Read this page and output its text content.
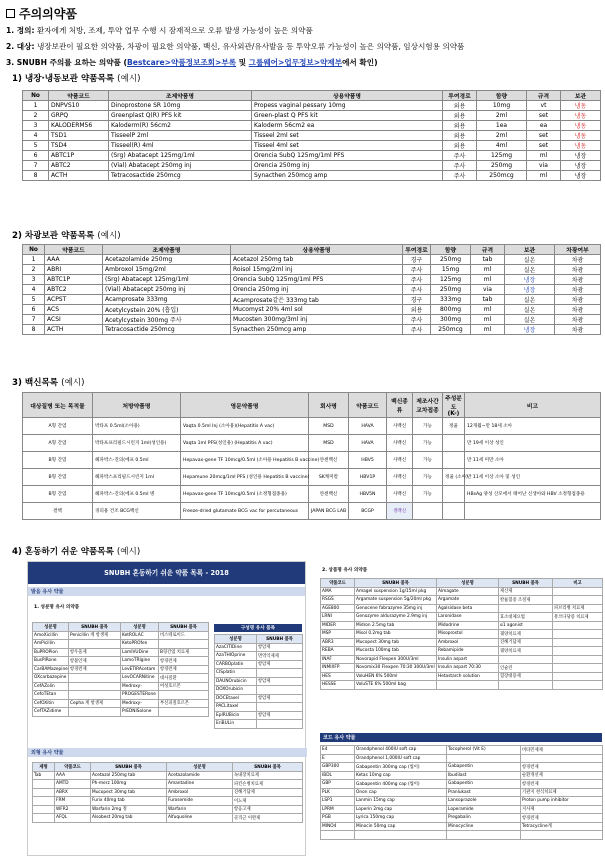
주의의약품
1. 정의: 환자에게 처방, 조제, 투약 업무 수행 시 잠재적으로 오류 발생 가능성이 높은 의약품
2. 대상: 냉장보관이 필요한 의약품, 차광이 필요한 의약품, 백신, 유사외관/유사발음 등 투약오류 가능성이 높은 의약품, 임상시험용 의약품
3. SNUBH 주의를 요하는 의약품 (Bestcare>약품정보조회>부록 및 그룹웨어>업무정보>약제부에서 확인)
1) 냉장·냉동보관 약품목록 (예시)
No	약품코드	조제약품명	상용약품명	투여경로	함량	규격	보관
1	DNPVS10	Dinoprostone SR 10mg	Propess vaginal pessary 10mg	외용	10mg	vt	냉동
2	GRPQ	Greenplast Q(R) PFS kit	Green-plast Q PFS kit	외용	2ml	set	냉동
3	KALODERM56	Kaloderm(R) 56cm2	Kaloderm 56cm2 ea	외용	1ea	ea	냉동
4	TSD1	TisseelP 2ml	Tisseel 2ml set	외용	2ml	set	냉동
5	TSD4	Tisseel(R) 4ml	Tisseel 4ml set	외용	4ml	set	냉동
6	ABTC1P	(Srg) Abatacept 125mg/1ml	Orencia SubQ 125mg/1ml PFS	주사	125mg	ml	냉장
7	ABTC2	(Vial) Abatacept 250mg inj	Orencia 250mg inj	주사	250mg	via	냉장
8	ACTH	Tetracosactide 250mcg	Synacthen 250mcg amp	주사	250mcg	ml	냉장
2) 차광보관 약품목록 (예시)
No	약품코드	조제약품명	상용약품명	투여경로	함량	규격	보관	차광여부
1	AAA	Acetazolamide 250mg	Acetazol 250mg tab	경구	250mg	tab	실온	차광
2	ABRI	Ambroxol 15mg/2ml	Roisol 15mg/2ml inj	주사	15mg	ml	실온	차광
3	ABTC1P	(Srg) Abatacept 125mg/1ml	Orencia SubQ 125mg/1ml PFS	주사	125mg	ml	냉장	차광
4	ABTC2	(Vial) Abatacept 250mg inj	Orencia 250mg inj	주사	250mg	via	냉장	차광
5	ACPST	Acamprosate 333mg	Acamprosate같은 333mg tab	경구	333mg	tab	실온	차광
6	ACS	Acetylcystein 20% (흡입)	Mucomyst 20% 4ml sol	외용	800mg	ml	실온	차광
7	ACSI	Acetylcystein 300mg 주사	Mucosten 300mg/3ml inj	주사	300mg	ml	실온	차광
8	ACTH	Tetracosactide 250mcg	Synacthen 250mcg amp	주사	250mcg	ml	냉장	차광
3) 백신목록 (예시)
대상질병 또는 목적물	처방약품명	영문약품명	회사명	약품코드	백신종류	제조사간 교차접종	주성분도 (K-)	비고
A형 간염	박타프 0.5ml(소아용)	Vaqta 0.5ml Inj (소아용)(Hepatitis A vac)	MSD	HAVA	사백신	가능	정율	12개월~만 18세 소아
A형 간염	박타프프리필드시린지 1ml(성인용)	Vaqta 1ml PFS(성인용) (Hepatitis A vac)	MSD	HAVA	사백신	가능		만 19세 이상 성인
B형 간염	헤파박스-진의(에프 0.5ml	Hepavax-gene TF 10mcg/0.5ml (소아용 Hepatitis B vaccine)	얀센백신	HBV5	사백신	가능		만 11세 미만 소아
B형 간염	헤파박스프리필드시린지 1ml	Hepamune 20mcg/1ml PFS (성인용 Hepatitis B vaccine)	SK케미칼	HBV1P	사백신	가능	정율 (소아)	만 11세 이상 소아 및 성인
B형 간염	헤파박스-진의(에프 0.5ml 병	Hepavax-gene TF 10mcg/0.5ml (소정형접종용)	얀센백신	HBV5N	사백신	가능		HBsAg 양성 산모에서 태어난 신생아와 HBV 소정형접종용
결핵	경피용 건조 BCG백신	Freeze-dried glutamate BCG vac for percutaneous	JAPAN BCG LAB	BCGP	생백신			
4) 혼동하기 쉬운 약품목록 (예시)
SNUBH 혼동하기 쉬운 약품 목록 - 2018
발음 유사 약물
1. 성분명 유사 의약품
성분명	SNUBH 품목	성분명	SNUBH 품목
AmoXicillin	Penicillin 계 항생제	KetROLAC	비스테로이드
AmPicillin		KetoPROfen	
BuPROPion	항우울제	LamIVUDine	B형간염 치료제
BusPIRone	항불안제	LamoTRIgine	항경련제
CarBAMazepine	항경련제	LevETIRAcetam	항경련제
OXcarbazepine		LevOCARNitine	대사질환
CefAZolin		Medroxy-	여성호르몬
CefoTEtan		PROGESTERone	
CefOXitin	Cepha 계 항생제	Medroxy-	부신피질호르몬
CefTAZidime		PrEDNISolone	
구성명 유사 품목
성분명	SNUBH 품목
AzaCITIDine	항암제
AzaTHIOprine	면역억제제
CARBOplatin	항암제
CISplatin	
DAUNOrubicin	항암제
DOXOrubicin	
DOCEtaxel	항암제
PACLitaxel	
EpIRUBicin	항암제
EriBULin	
외형 유사 약물
제형	약품코드	SNUBH 품목	성분명	SNUBH 품목
Tab	AAA	Acetazol 250mg tab	Acetazolamide	녹내장치료제
	AMTD	Ph-merz 100mg	Amantadine	파킨슨병치료제
	ABRX	Mucopect 30mg tab	Ambroxol	진해거담제
	FRM	Furix 40mg tab	Furosemide	이뇨제
	WFR2	Warfarin 2mg 정	Warfarin	항응고제
	AFQL	Alsobest 20mg tab	Alfuquoline	골격근 이완제
2. 상품명 유사 의약품
약품코드	SNUBH 품목	성분명	SNUBH 품목	비고
AMA	Amagel suspension 1g/15ml pkg	Almagate	제산제	
RSGS	Argamate suspension 5g/20ml pkg	Argamate	칼륨혈증 조절제	
AGE800	Genocene fabrazyme 35mg inj	Agalsidase beta		파브리병 치료제
LRNI	Genozyme aldurazyme 2.9mg inj	Laronidase	효소대체요법	뮤코다당증 치료제
MIDER	Midron 2.5mg tab	Midodrine	α1 agonist	
MSP	Misol 0.2mg tab	Misoprostol	궤양치료제	
ABR3	Mucopect 30mg tab	Ambroxol	진해거담제	
REBA	Mucosta 100mg tab	Rebamipide	궤양치료제	
INAF	Novorapid Flexpen 300U/3ml	Insulin aspart		
INMIXFP	Novomix30 Flexpen 70:30 300U/3ml	Insulin aspart 70:30	인슐린	
HES	VoluHEN 6% 500ml	Hetastarch solution	혈장대용제	
HESSE	VoluSTE 6% 500ml bag			
코드 유사 약물
E4	Orandphenol 400IU soft cap	Tocopherol (Vit E)	비타민제제
E	Orandphenol 1,000IU soft cap		
GBP300	Gabapentin 300mg cap (씹이)	Gabapentin	항경련제
IBDL	Ketas 10mg cap	Ibudilast	순환개선제
GBP	Gabapentin 400mg cap (씹이)	Gabapentin	항경련제
PLK	Onon cap	Pranlukast	기관지 천식치료제
LSP1	Lanmin 15mg cap	Lansoprazole	Proton pump inhibitor
LPRM	Loperin 2mg cap	Loperamide	지사제
PGB	Lyrica 150mg cap	Pregabalin	항경련제
MINO4	Minocin 50mg cap	Minocycline	Tetracycline계
